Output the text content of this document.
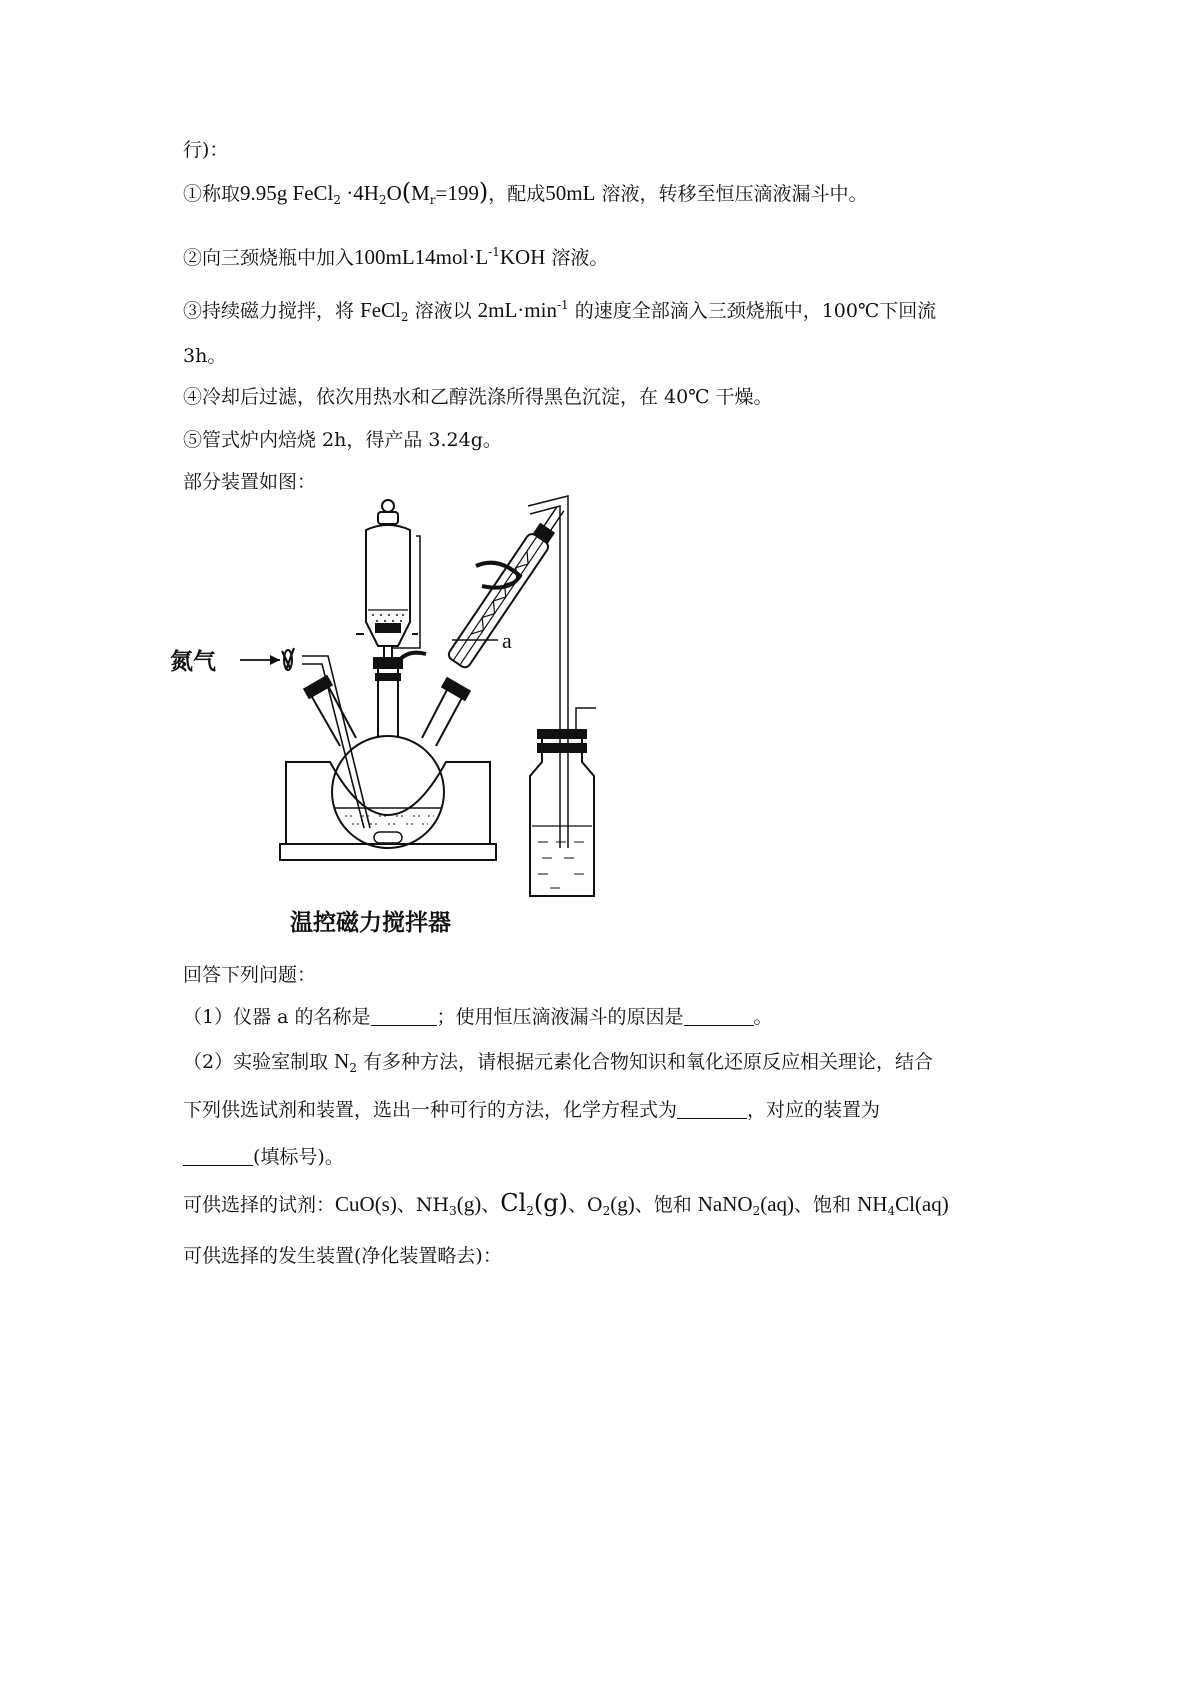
行)：
①称取9.95g FeCl$_2$ $\cdot 4H_2O(M_r=199)$，配成50mL 溶液，转移至恒压滴液漏斗中。
②向三颈烧瓶中加入$100mL14mol\cdot L^{-1}KOH$ 溶液。
③持续磁力搅拌，将 FeCl$_2$ 溶液以 $2mL\cdot\min^{-1}$ 的速度全部滴入三颈烧瓶中，100℃下回流
3h。
④冷却后过滤，依次用热水和乙醇洗涤所得黑色沉淀，在 40℃ 干燥。
⑤管式炉内焙烧 2h，得产品 3.24g。
部分装置如图：
氮气
a
温控磁力搅拌器
回答下列问题：
（1）仪器 a 的名称是	；使用恒压滴液漏斗的原因是	。
（2）实验室制取 $N_2$ 有多种方法，请根据元素化合物知识和氧化还原反应相关理论，结合
下列供选试剂和装置，选出一种可行的方法，化学方程式为	，对应的装置为
(填标号)。
可供选择的试剂：CuO(s)、$NH_3(g)$、$Cl_2(g)$、$O_2(g)$、饱和 NaNO$_2$(aq)、饱和 $NH_4Cl(aq)$
可供选择的发生装置(净化装置略去)：
